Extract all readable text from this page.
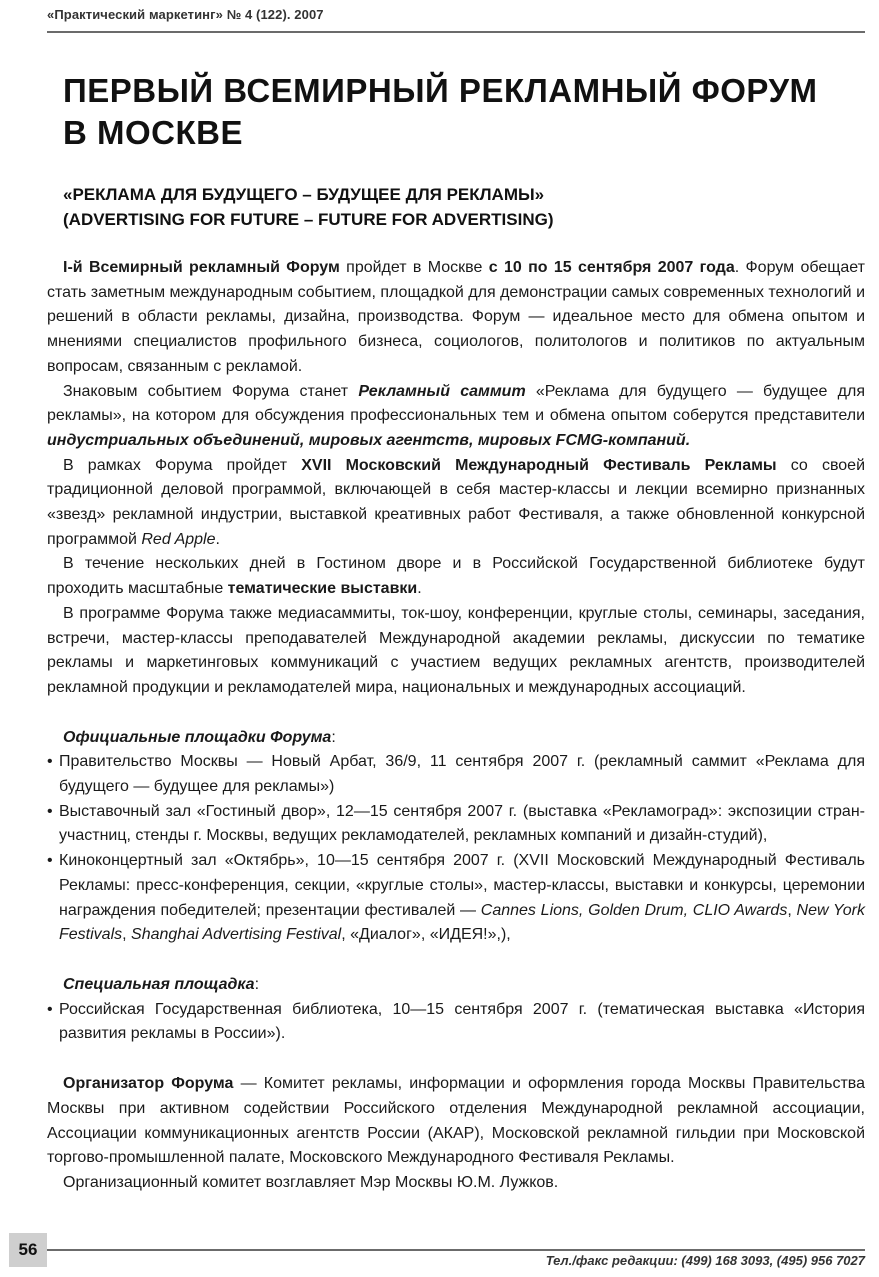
«Практический маркетинг» № 4 (122). 2007
ПЕРВЫЙ ВСЕМИРНЫЙ РЕКЛАМНЫЙ ФОРУМ
В МОСКВЕ
«РЕКЛАМА ДЛЯ БУДУЩЕГО – БУДУЩЕЕ ДЛЯ РЕКЛАМЫ»
(ADVERTISING FOR FUTURE – FUTURE FOR ADVERTISING)

I-й Всемирный рекламный Форум пройдет в Москве с 10 по 15 сентября 2007 года. Форум обещает стать заметным международным событием, площадкой для демонстрации самых современных технологий и решений в области рекламы, дизайна, производства. Форум — идеальное место для обмена опытом и мнениями специалистов профильного бизнеса, социологов, политологов и политиков по актуальным вопросам, связанным с рекламой.

Знаковым событием Форума станет Рекламный саммит «Реклама для будущего — будущее для рекламы», на котором для обсуждения профессиональных тем и обмена опытом соберутся представители индустриальных объединений, мировых агентств, мировых FCMG-компаний.

В рамках Форума пройдет XVII Московский Международный Фестиваль Рекламы со своей традиционной деловой программой, включающей в себя мастер-классы и лекции всемирно признанных «звезд» рекламной индустрии, выставкой креативных работ Фестиваля, а также обновленной конкурсной программой Red Apple.

В течение нескольких дней в Гостином дворе и в Российской Государственной библиотеке будут проходить масштабные тематические выставки.

В программе Форума также медиасаммиты, ток-шоу, конференции, круглые столы, семинары, заседания, встречи, мастер-классы преподавателей Международной академии рекламы, дискуссии по тематике рекламы и маркетинговых коммуникаций с участием ведущих рекламных агентств, производителей рекламной продукции и рекламодателей мира, национальных и международных ассоциаций.

Официальные площадки Форума:
• Правительство Москвы — Новый Арбат, 36/9, 11 сентября 2007 г. (рекламный саммит «Реклама для будущего — будущее для рекламы»)
• Выставочный зал «Гостиный двор», 12—15 сентября 2007 г. (выставка «Рекламоград»: экспозиции стран-участниц, стенды г. Москвы, ведущих рекламодателей, рекламных компаний и дизайн-студий),
• Киноконцертный зал «Октябрь», 10—15 сентября 2007 г. (XVII Московский Международный Фестиваль Рекламы: пресс-конференция, секции, «круглые столы», мастер-классы, выставки и конкурсы, церемонии награждения победителей; презентации фестивалей — Cannes Lions, Golden Drum, CLIO Awards, New York Festivals, Shanghai Advertising Festival, «Диалог», «ИДЕЯ!»,),
Специальная площадка:
• Российская Государственная библиотека, 10—15 сентября 2007 г. (тематическая выставка «История развития рекламы в России»).

Организатор Форума — Комитет рекламы, информации и оформления города Москвы Правительства Москвы при активном содействии Российского отделения Международной рекламной ассоциации, Ассоциации коммуникационных агентств России (АКАР), Московской рекламной гильдии при Московской торгово-промышленной палате, Московского Международного Фестиваля Рекламы.

Организационный комитет возглавляет Мэр Москвы Ю.М. Лужков.

56
Тел./факс редакции: (499) 168 3093, (495) 956 7027
